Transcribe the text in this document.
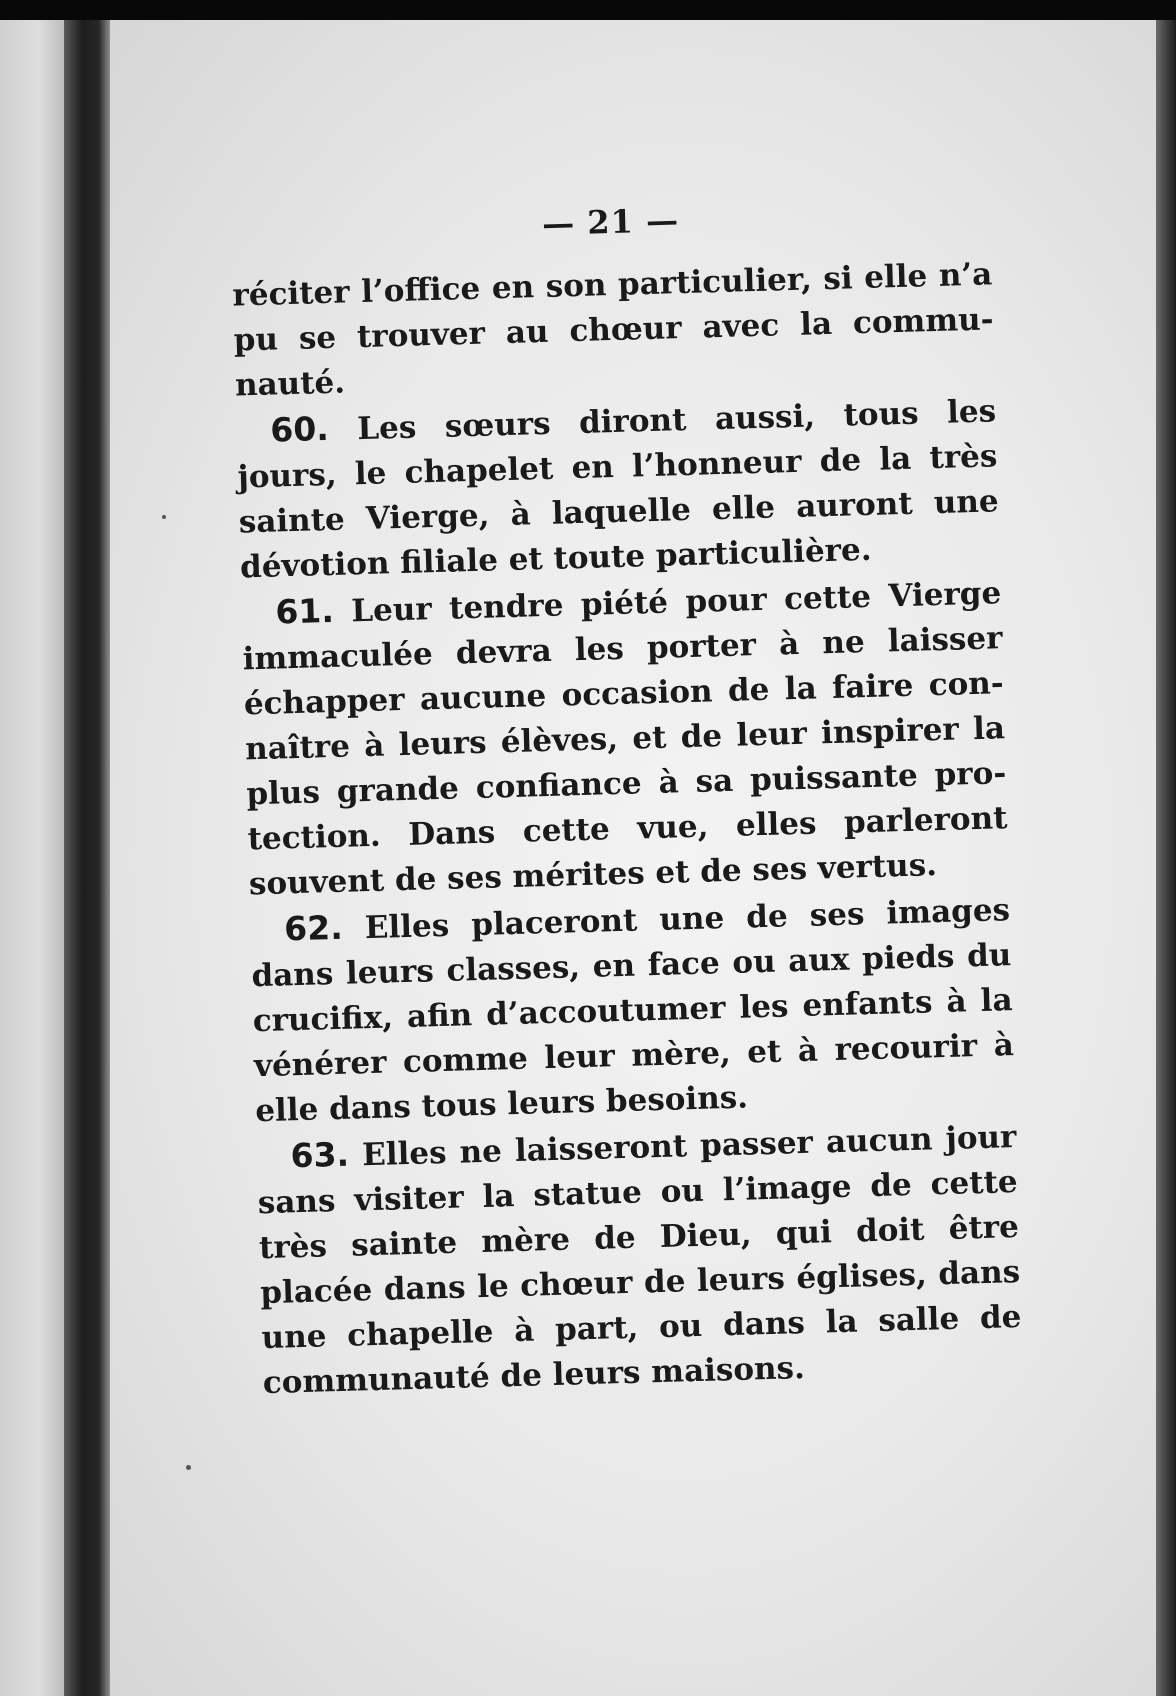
— 21 —

réciter l’office en son particulier, si elle n’a pu se trouver au chœur avec la communauté.

60. Les sœurs diront aussi, tous les jours, le chapelet en l’honneur de la très sainte Vierge, à laquelle elle auront une dévotion filiale et toute particulière.

61. Leur tendre piété pour cette Vierge immaculée devra les porter à ne laisser échapper aucune occasion de la faire connaître à leurs élèves, et de leur inspirer la plus grande confiance à sa puissante protection. Dans cette vue, elles parleront souvent de ses mérites et de ses vertus.

62. Elles placeront une de ses images dans leurs classes, en face ou aux pieds du crucifix, afin d’accoutumer les enfants à la vénérer comme leur mère, et à recourir à elle dans tous leurs besoins.

63. Elles ne laisseront passer aucun jour sans visiter la statue ou l’image de cette très sainte mère de Dieu, qui doit être placée dans le chœur de leurs églises, dans une chapelle à part, ou dans la salle de communauté de leurs maisons.
